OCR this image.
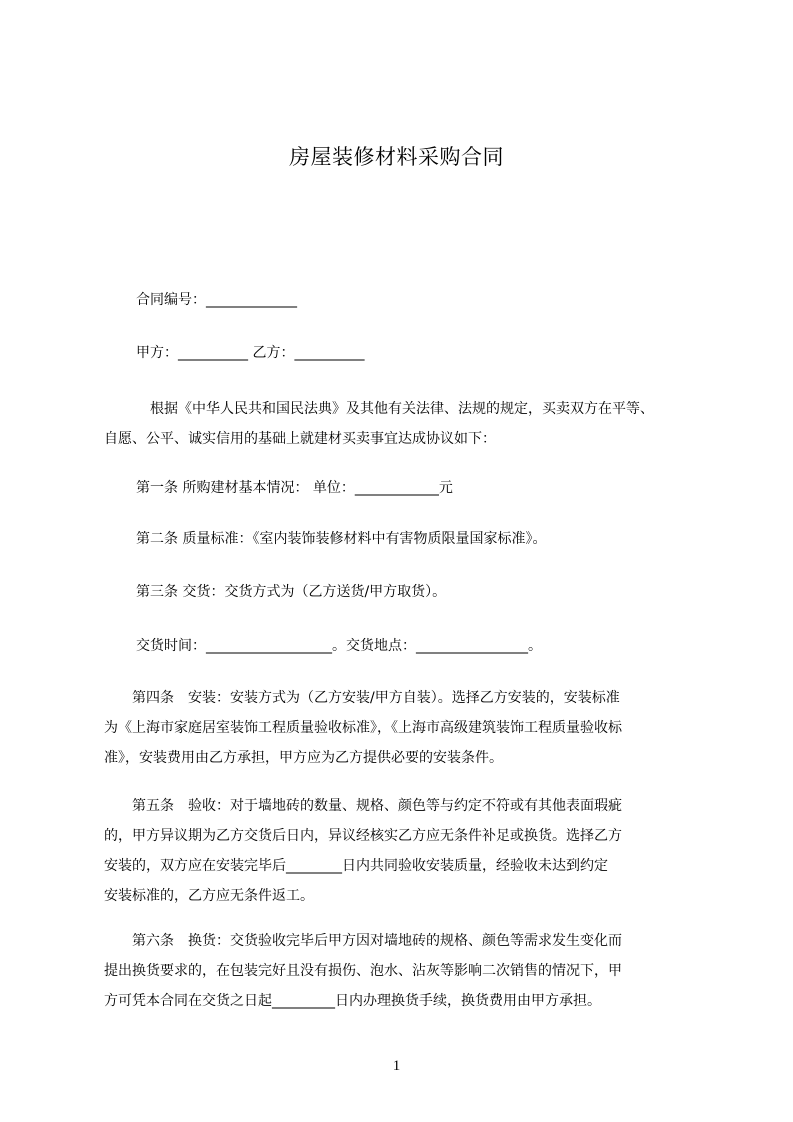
房屋装修材料采购合同
合同编号：_____________
甲方：__________ 乙方：__________
　根据《中华人民共和国民法典》及其他有关法律、法规的规定，买卖双方在平等、
自愿、公平、诚实信用的基础上就建材买卖事宜达成协议如下：
第一条 所购建材基本情况： 单位：____________元
第二条 质量标准：《室内装饰装修材料中有害物质限量国家标准》。
第三条 交货：交货方式为（乙方送货/甲方取货）。
交货时间：__________________。交货地点：________________。
　　第四条　安装：安装方式为（乙方安装/甲方自装）。选择乙方安装的，安装标准
为《上海市家庭居室装饰工程质量验收标准》，《上海市高级建筑装饰工程质量验收标
准》，安装费用由乙方承担，甲方应为乙方提供必要的安装条件。
　　第五条　验收：对于墙地砖的数量、规格、颜色等与约定不符或有其他表面瑕疵
的，甲方异议期为乙方交货后日内，异议经核实乙方应无条件补足或换货。选择乙方
安装的，双方应在安装完毕后________日内共同验收安装质量，经验收未达到约定
安装标准的，乙方应无条件返工。
　　第六条　换货：交货验收完毕后甲方因对墙地砖的规格、颜色等需求发生变化而
提出换货要求的，在包装完好且没有损伤、泡水、沾灰等影响二次销售的情况下，甲
方可凭本合同在交货之日起_________日内办理换货手续，换货费用由甲方承担。
1
